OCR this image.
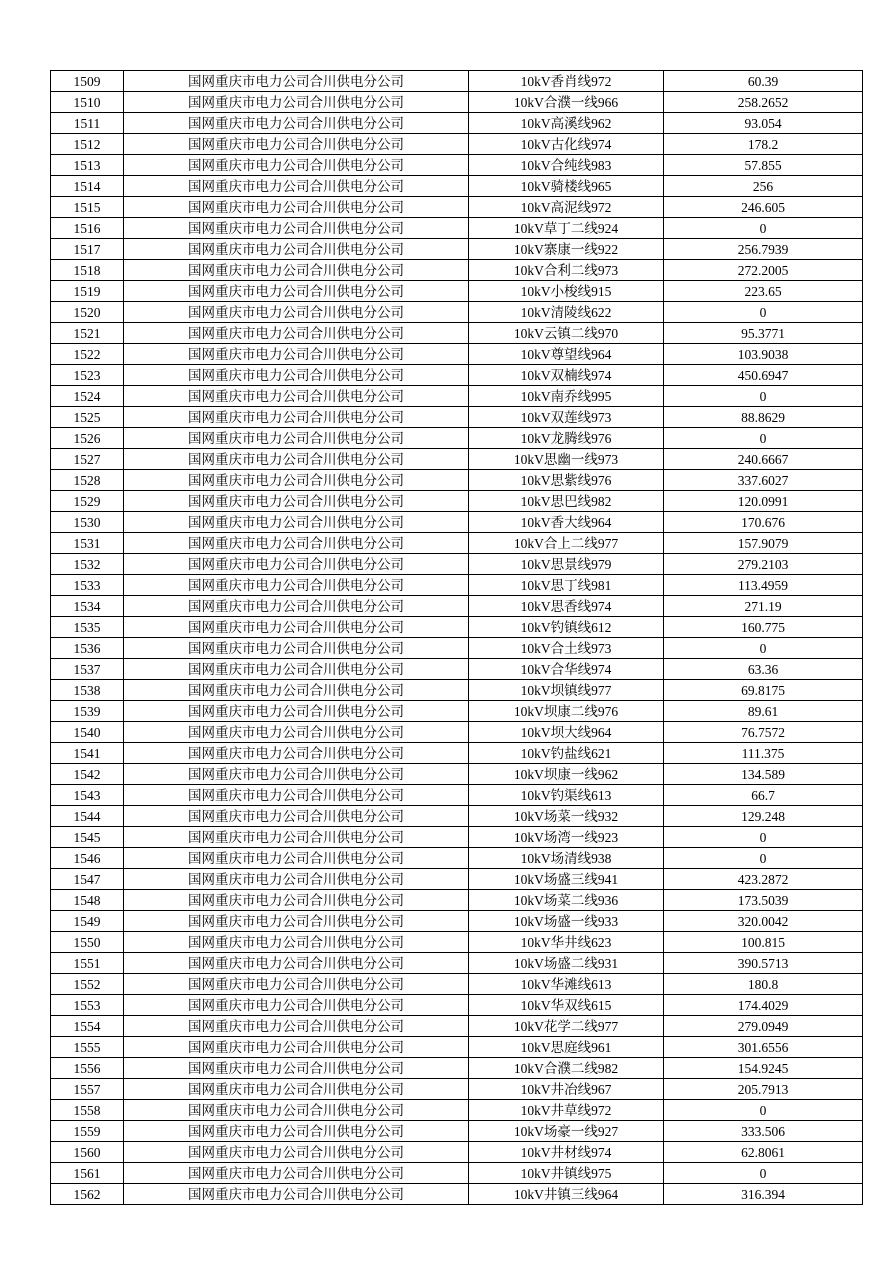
1509	国网重庆市电力公司合川供电分公司	10kV香肖线972	60.39
1510	国网重庆市电力公司合川供电分公司	10kV合濮一线966	258.2652
1511	国网重庆市电力公司合川供电分公司	10kV高溪线962	93.054
1512	国网重庆市电力公司合川供电分公司	10kV古化线974	178.2
1513	国网重庆市电力公司合川供电分公司	10kV合纯线983	57.855
1514	国网重庆市电力公司合川供电分公司	10kV骑楼线965	256
1515	国网重庆市电力公司合川供电分公司	10kV高泥线972	246.605
1516	国网重庆市电力公司合川供电分公司	10kV草丁二线924	0
1517	国网重庆市电力公司合川供电分公司	10kV寨康一线922	256.7939
1518	国网重庆市电力公司合川供电分公司	10kV合利二线973	272.2005
1519	国网重庆市电力公司合川供电分公司	10kV小梭线915	223.65
1520	国网重庆市电力公司合川供电分公司	10kV清陵线622	0
1521	国网重庆市电力公司合川供电分公司	10kV云镇二线970	95.3771
1522	国网重庆市电力公司合川供电分公司	10kV尊望线964	103.9038
1523	国网重庆市电力公司合川供电分公司	10kV双楠线974	450.6947
1524	国网重庆市电力公司合川供电分公司	10kV南乔线995	0
1525	国网重庆市电力公司合川供电分公司	10kV双莲线973	88.8629
1526	国网重庆市电力公司合川供电分公司	10kV龙腾线976	0
1527	国网重庆市电力公司合川供电分公司	10kV思幽一线973	240.6667
1528	国网重庆市电力公司合川供电分公司	10kV思紫线976	337.6027
1529	国网重庆市电力公司合川供电分公司	10kV思巴线982	120.0991
1530	国网重庆市电力公司合川供电分公司	10kV香大线964	170.676
1531	国网重庆市电力公司合川供电分公司	10kV合上二线977	157.9079
1532	国网重庆市电力公司合川供电分公司	10kV思景线979	279.2103
1533	国网重庆市电力公司合川供电分公司	10kV思丁线981	113.4959
1534	国网重庆市电力公司合川供电分公司	10kV思香线974	271.19
1535	国网重庆市电力公司合川供电分公司	10kV钓镇线612	160.775
1536	国网重庆市电力公司合川供电分公司	10kV合土线973	0
1537	国网重庆市电力公司合川供电分公司	10kV合华线974	63.36
1538	国网重庆市电力公司合川供电分公司	10kV坝镇线977	69.8175
1539	国网重庆市电力公司合川供电分公司	10kV坝康二线976	89.61
1540	国网重庆市电力公司合川供电分公司	10kV坝大线964	76.7572
1541	国网重庆市电力公司合川供电分公司	10kV钓盐线621	111.375
1542	国网重庆市电力公司合川供电分公司	10kV坝康一线962	134.589
1543	国网重庆市电力公司合川供电分公司	10kV钓渠线613	66.7
1544	国网重庆市电力公司合川供电分公司	10kV场菜一线932	129.248
1545	国网重庆市电力公司合川供电分公司	10kV场湾一线923	0
1546	国网重庆市电力公司合川供电分公司	10kV场清线938	0
1547	国网重庆市电力公司合川供电分公司	10kV场盛三线941	423.2872
1548	国网重庆市电力公司合川供电分公司	10kV场菜二线936	173.5039
1549	国网重庆市电力公司合川供电分公司	10kV场盛一线933	320.0042
1550	国网重庆市电力公司合川供电分公司	10kV华井线623	100.815
1551	国网重庆市电力公司合川供电分公司	10kV场盛二线931	390.5713
1552	国网重庆市电力公司合川供电分公司	10kV华滩线613	180.8
1553	国网重庆市电力公司合川供电分公司	10kV华双线615	174.4029
1554	国网重庆市电力公司合川供电分公司	10kV花学二线977	279.0949
1555	国网重庆市电力公司合川供电分公司	10kV思庭线961	301.6556
1556	国网重庆市电力公司合川供电分公司	10kV合濮二线982	154.9245
1557	国网重庆市电力公司合川供电分公司	10kV井冶线967	205.7913
1558	国网重庆市电力公司合川供电分公司	10kV井草线972	0
1559	国网重庆市电力公司合川供电分公司	10kV场豪一线927	333.506
1560	国网重庆市电力公司合川供电分公司	10kV井材线974	62.8061
1561	国网重庆市电力公司合川供电分公司	10kV井镇线975	0
1562	国网重庆市电力公司合川供电分公司	10kV井镇三线964	316.394
